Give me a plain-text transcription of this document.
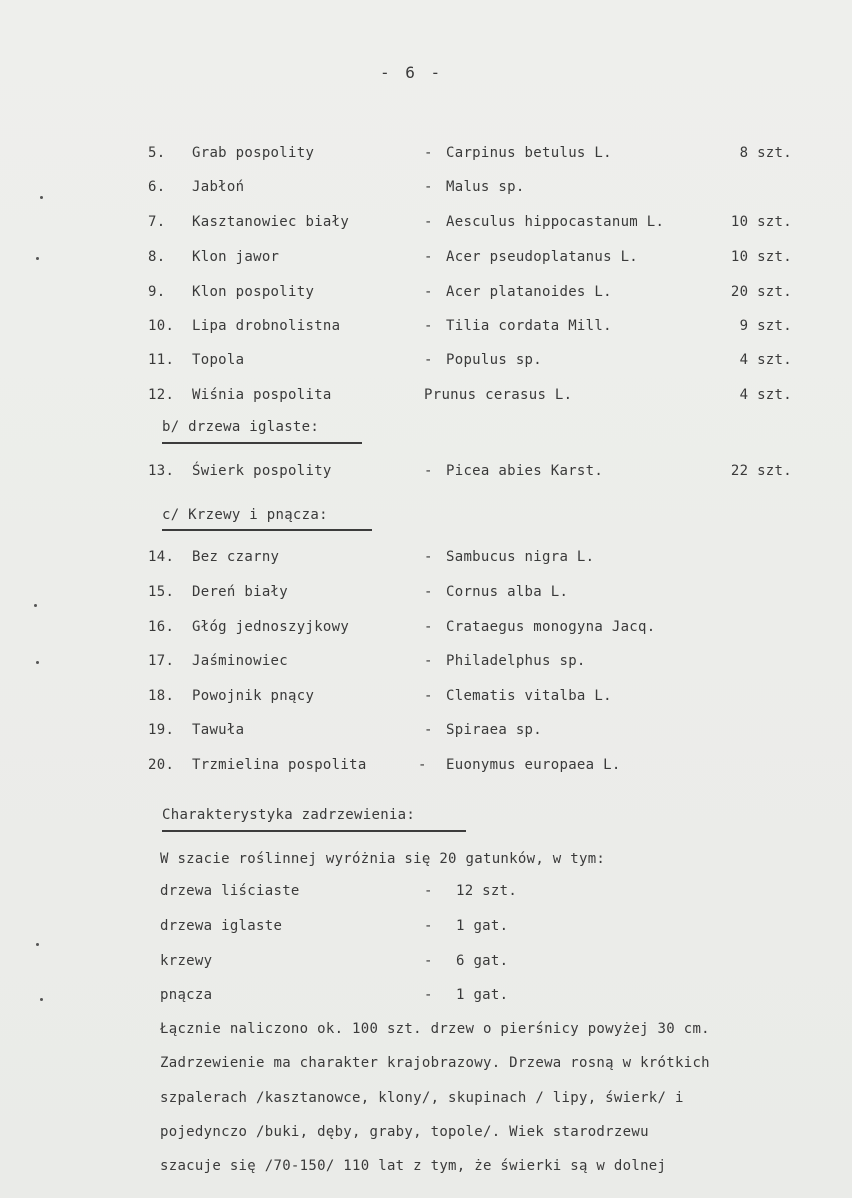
- 6 -
5. Grab pospolity	- Carpinus betulus L.	8 szt.
6. Jabłoń	- Malus sp.
7. Kasztanowiec biały	- Aesculus hippocastanum L.	10 szt.
8. Klon jawor	- Acer pseudoplatanus L.	10 szt.
9. Klon pospolity	- Acer platanoides L.	20 szt.
10. Lipa drobnolistna	- Tilia cordata Mill.	9 szt.
11. Topola	- Populus sp.	4 szt.
12. Wiśnia pospolita	Prunus cerasus L.	4 szt.
b/ drzewa iglaste:
13. Świerk pospolity	- Picea abies Karst.	22 szt.
c/ Krzewy i pnącza:
14. Bez czarny	- Sambucus nigra L.
15. Dereń biały	- Cornus alba L.
16. Głóg jednoszyjkowy	- Crataegus monogyna Jacq.
17. Jaśminowiec	- Philadelphus sp.
18. Powojnik pnący	- Clematis vitalba L.
19. Tawuła	- Spiraea sp.
20. Trzmielina pospolita	- Euonymus europaea L.
Charakterystyka zadrzewienia:
W szacie roślinnej wyróżnia się 20 gatunków, w tym:
drzewa liściaste	- 12 szt.
drzewa iglaste	- 1 gat.
krzewy	- 6 gat.
pnącza	- 1 gat.
Łącznie naliczono ok. 100 szt. drzew o pierśnicy powyżej 30 cm.
Zadrzewienie ma charakter krajobrazowy. Drzewa rosną w krótkich
szpalerach /kasztanowce, klony/, skupinach / lipy, świerk/ i
pojedynczo /buki, dęby, graby, topole/. Wiek starodrzewu
szacuje się /70-150/ 110 lat z tym, że świerki są w dolnej
